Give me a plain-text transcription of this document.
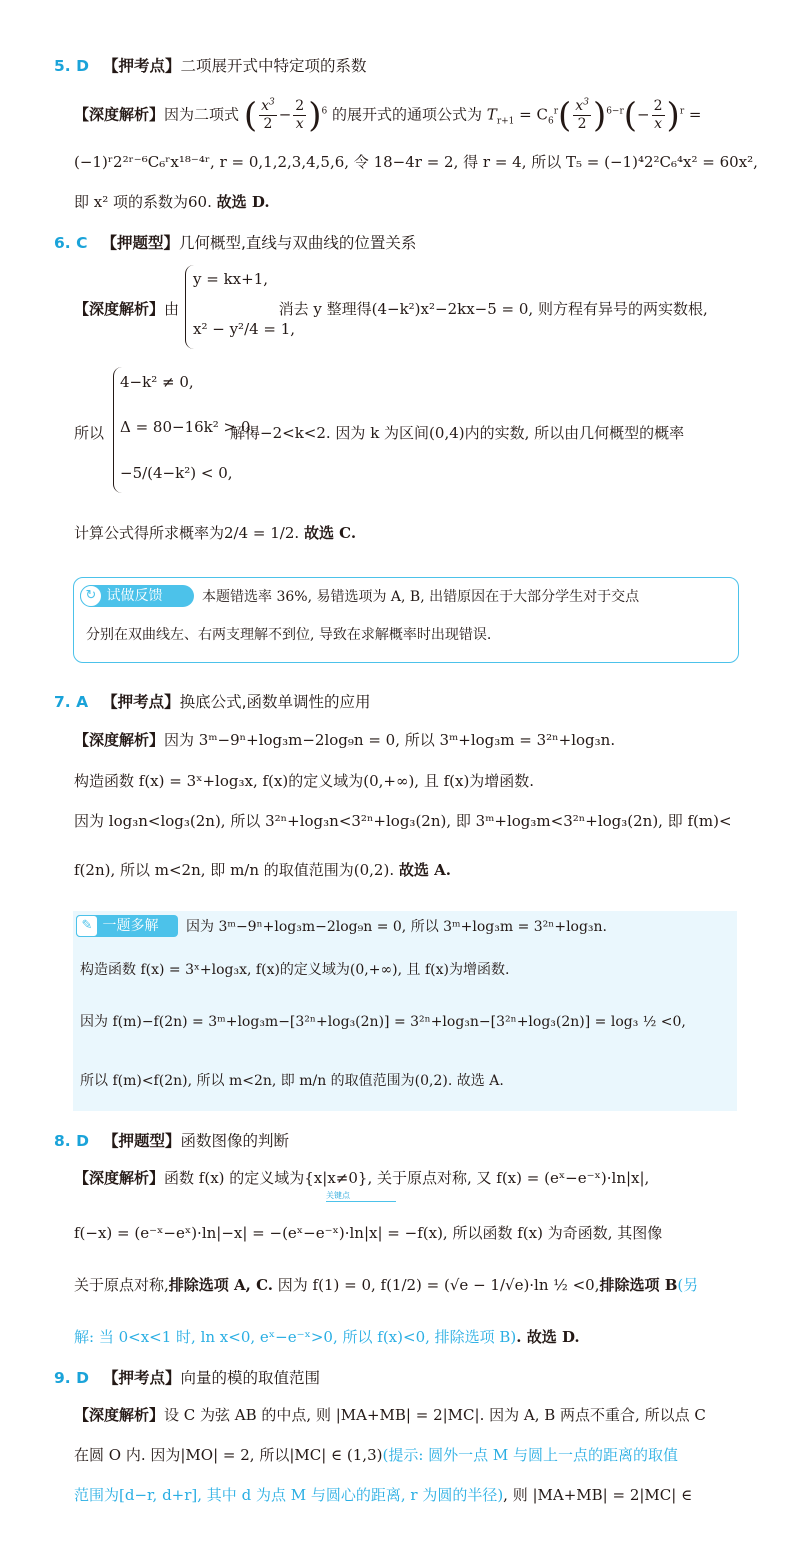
5. D 【押考点】二项展开式中特定项的系数
【深度解析】因为二项式 ( $\frac{x^3}{2} - \frac{2}{x} )^6$ 的展开式的通项公式为 $T_{r+1} = C_6^r( \frac{x^3}{2} )^{6-r}(- \frac{2}{x} )^r$ =
(−1)ʳ2²ʳ⁻⁶C₆ʳx¹⁸⁻⁴ʳ, r = 0,1,2,3,4,5,6, 令 18−4r = 2, 得 r = 4, 所以 T₅ = (−1)⁴2²C₆⁴x² = 60x²,
即 x² 项的系数为60. 故选 D.
6. C 【押题型】几何概型,直线与双曲线的位置关系
【深度解析】由	消去 y 整理得(4−k²)x²−2kx−5 = 0, 则方程有异号的两实数根,
y = kx+1,
x² − y²/4 = 1,
4−k² ≠ 0,
Δ = 80−16k² > 0,
−5/(4−k²) < 0,
所以	解得−2<k<2. 因为 k 为区间(0,4)内的实数, 所以由几何概型的概率
计算公式得所求概率为2/4 = 1/2. 故选 C.
↻ 试做反馈	本题错选率 36%, 易错选项为 A, B, 出错原因在于大部分学生对于交点
分别在双曲线左、右两支理解不到位, 导致在求解概率时出现错误.
7. A 【押考点】换底公式,函数单调性的应用
【深度解析】因为 3ᵐ−9ⁿ+log₃m−2log₉n = 0, 所以 3ᵐ+log₃m = 3²ⁿ+log₃n.
构造函数 f(x) = 3ˣ+log₃x, f(x)的定义域为(0,+∞), 且 f(x)为增函数.
因为 log₃n<log₃(2n), 所以 3²ⁿ+log₃n<3²ⁿ+log₃(2n), 即 3ᵐ+log₃m<3²ⁿ+log₃(2n), 即 f(m)<
f(2n), 所以 m<2n, 即 m/n 的取值范围为(0,2). 故选 A.
✎ 一题多解	因为 3ᵐ−9ⁿ+log₃m−2log₉n = 0, 所以 3ᵐ+log₃m = 3²ⁿ+log₃n.
构造函数 f(x) = 3ˣ+log₃x, f(x)的定义域为(0,+∞), 且 f(x)为增函数.
因为 f(m)−f(2n) = 3ᵐ+log₃m−[3²ⁿ+log₃(2n)] = 3²ⁿ+log₃n−[3²ⁿ+log₃(2n)] = log₃ ½ <0,
所以 f(m)<f(2n), 所以 m<2n, 即 m/n 的取值范围为(0,2). 故选 A.
8. D 【押题型】函数图像的判断
【深度解析】函数 f(x) 的定义域为{x|x≠0}, 关于原点对称, 又 f(x) = (eˣ−e⁻ˣ)·ln|x|,
关键点
f(−x) = (e⁻ˣ−eˣ)·ln|−x| = −(eˣ−e⁻ˣ)·ln|x| = −f(x), 所以函数 f(x) 为奇函数, 其图像
关于原点对称,排除选项 A, C. 因为 f(1) = 0, f(1/2) = (√e − 1/√e)·ln ½ <0,排除选项 B(另
解: 当 0<x<1 时, ln x<0, eˣ−e⁻ˣ>0, 所以 f(x)<0, 排除选项 B). 故选 D.
9. D 【押考点】向量的模的取值范围
【深度解析】设 C 为弦 AB 的中点, 则 |MA+MB| = 2|MC|. 因为 A, B 两点不重合, 所以点 C
在圆 O 内. 因为|MO| = 2, 所以|MC| ∈ (1,3)(提示: 圆外一点 M 与圆上一点的距离的取值
范围为[d−r, d+r], 其中 d 为点 M 与圆心的距离, r 为圆的半径), 则 |MA+MB| = 2|MC| ∈
